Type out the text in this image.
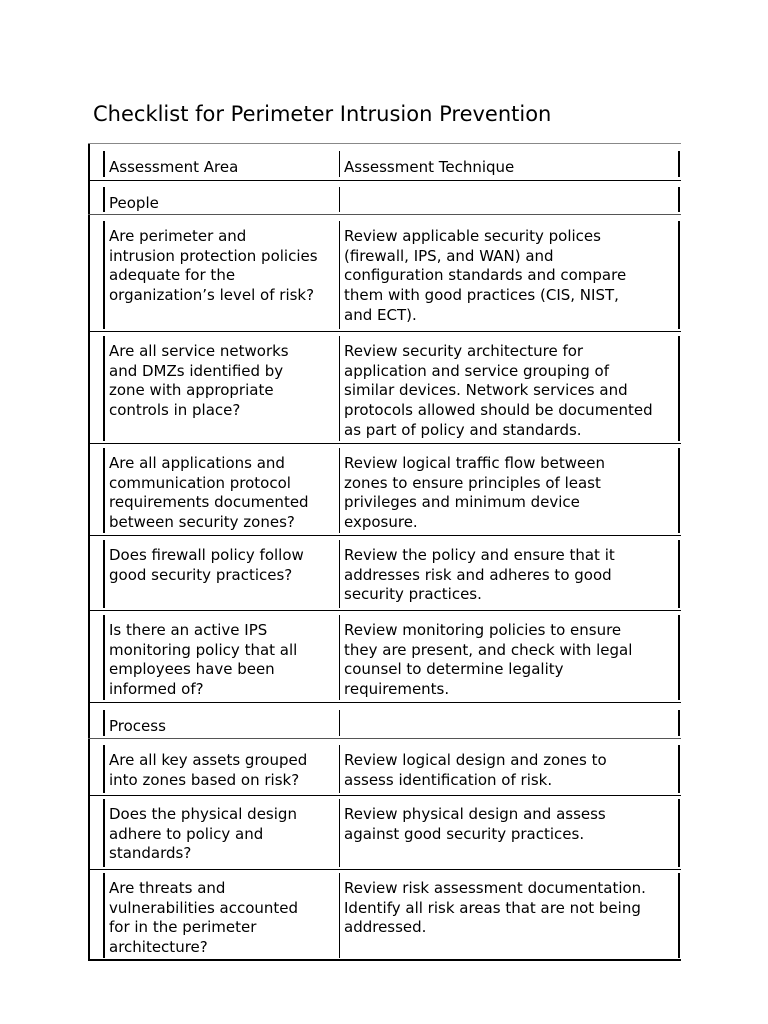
Checklist for Perimeter Intrusion Prevention
Assessment Area	Assessment Technique
People
Are perimeter and
intrusion protection policies
adequate for the
organization’s level of risk?
Review applicable security polices
(firewall, IPS, and WAN) and
configuration standards and compare
them with good practices (CIS, NIST,
and ECT).
Are all service networks
and DMZs identified by
zone with appropriate
controls in place?
Review security architecture for
application and service grouping of
similar devices. Network services and
protocols allowed should be documented
as part of policy and standards.
Are all applications and
communication protocol
requirements documented
between security zones?
Review logical traffic flow between
zones to ensure principles of least
privileges and minimum device
exposure.
Does firewall policy follow
good security practices?
Review the policy and ensure that it
addresses risk and adheres to good
security practices.
Is there an active IPS
monitoring policy that all
employees have been
informed of?
Review monitoring policies to ensure
they are present, and check with legal
counsel to determine legality
requirements.
Process
Are all key assets grouped
into zones based on risk?
Review logical design and zones to
assess identification of risk.
Does the physical design
adhere to policy and
standards?
Review physical design and assess
against good security practices.
Are threats and
vulnerabilities accounted
for in the perimeter
architecture?
Review risk assessment documentation.
Identify all risk areas that are not being
addressed.
